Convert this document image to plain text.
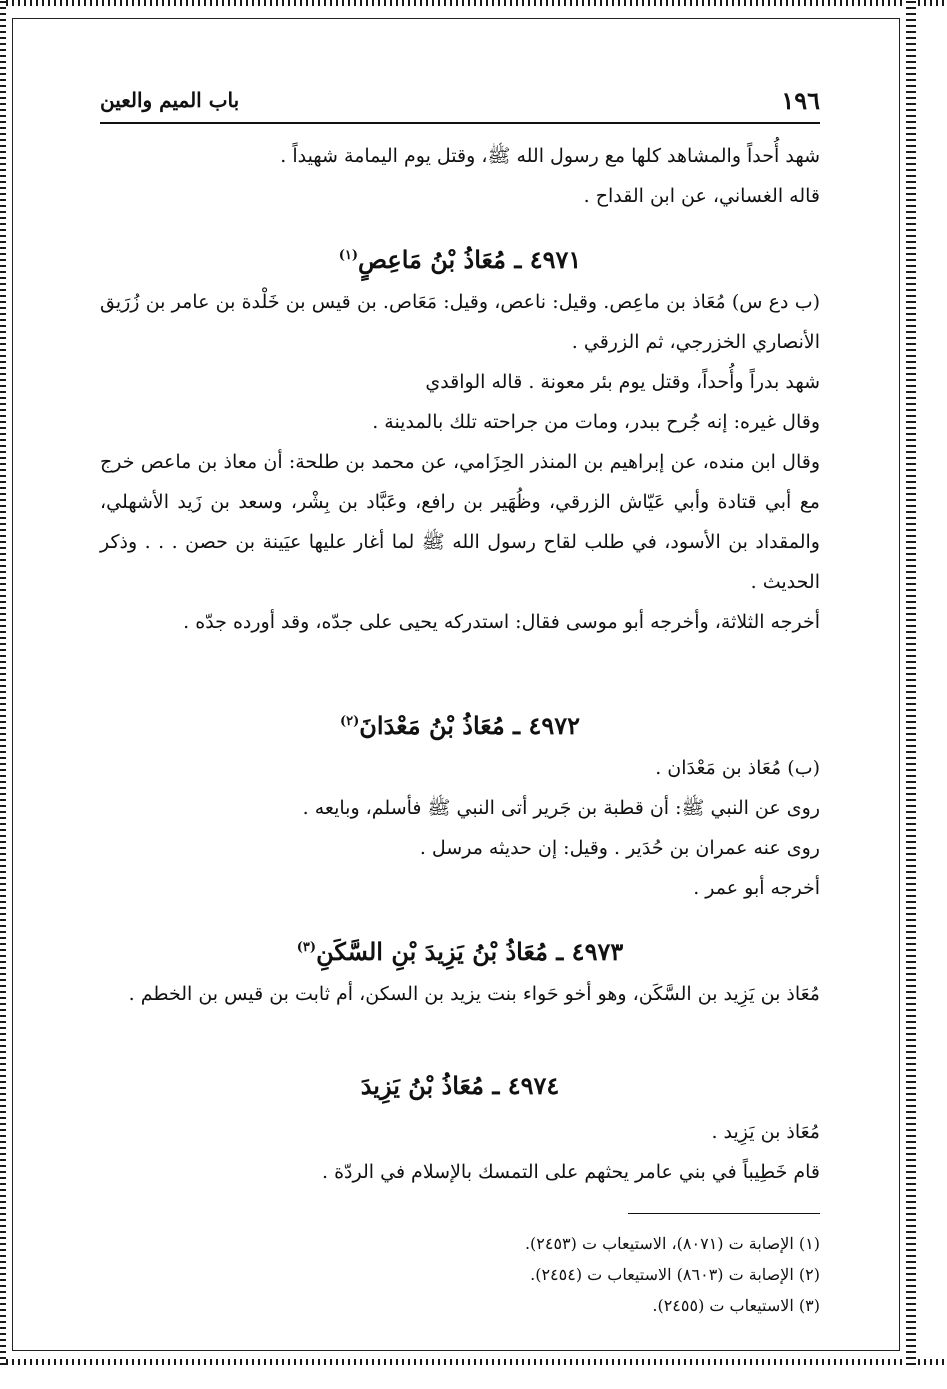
١٩٦
باب الميم والعين

شهد أُحداً والمشاهد كلها مع رسول الله ﷺ، وقتل يوم اليمامة شهيداً .

قاله الغساني، عن ابن القداح .

٤٩٧١ ـ مُعَاذُ بْنُ مَاعِصٍ$^{(١)}$

(ب دع س) مُعَاذ بن ماعِص. وقيل: ناعص، وقيل: مَعَاص. بن قيس بن خَلْدة بن عامر بن زُرَيق الأنصاري الخزرجي، ثم الزرقي .

شهد بدراً وأُحداً، وقتل يوم بئر معونة . قاله الواقدي

وقال غيره: إنه جُرح ببدر، ومات من جراحته تلك بالمدينة .

وقال ابن منده، عن إبراهيم بن المنذر الحِزَامي، عن محمد بن طلحة: أن معاذ بن ماعص خرج مع أبي قتادة وأبي عَيّاش الزرقي، وظُهَير بن رافع، وعَبَّاد بن بِشْر، وسعد بن زَيد الأشهلي، والمقداد بن الأسود، في طلب لقاح رسول الله ﷺ لما أغار عليها عيَينة بن حصن . . . وذكر الحديث .

أخرجه الثلاثة، وأخرجه أبو موسى فقال: استدركه يحيى على جدّه، وقد أورده جدّه .

٤٩٧٢ ـ مُعَاذُ بْنُ مَعْدَانَ$^{(٢)}$

(ب) مُعَاذ بن مَعْدَان .

روى عن النبي ﷺ: أن قطبة بن جَرير أتى النبي ﷺ فأسلم، وبايعه .

روى عنه عمران بن حُدَير . وقيل: إن حديثه مرسل .

أخرجه أبو عمر .

٤٩٧٣ ـ مُعَاذُ بْنُ يَزِيدَ بْنِ السَّكَنِ$^{(٣)}$

مُعَاذ بن يَزِيد بن السَّكَن، وهو أخو حَواء بنت يزيد بن السكن، أم ثابت بن قيس بن الخطم .

٤٩٧٤ ـ مُعَاذُ بْنُ يَزِيدَ

مُعَاذ بن يَزِيد .

قام خَطِيباً في بني عامر يحثهم على التمسك بالإسلام في الردّة .

(١) الإصابة ت (٨٠٧١)، الاستيعاب ت (٢٤٥٣).
(٢) الإصابة ت (٨٦٠٣) الاستيعاب ت (٢٤٥٤).
(٣) الاستيعاب ت (٢٤٥٥).
